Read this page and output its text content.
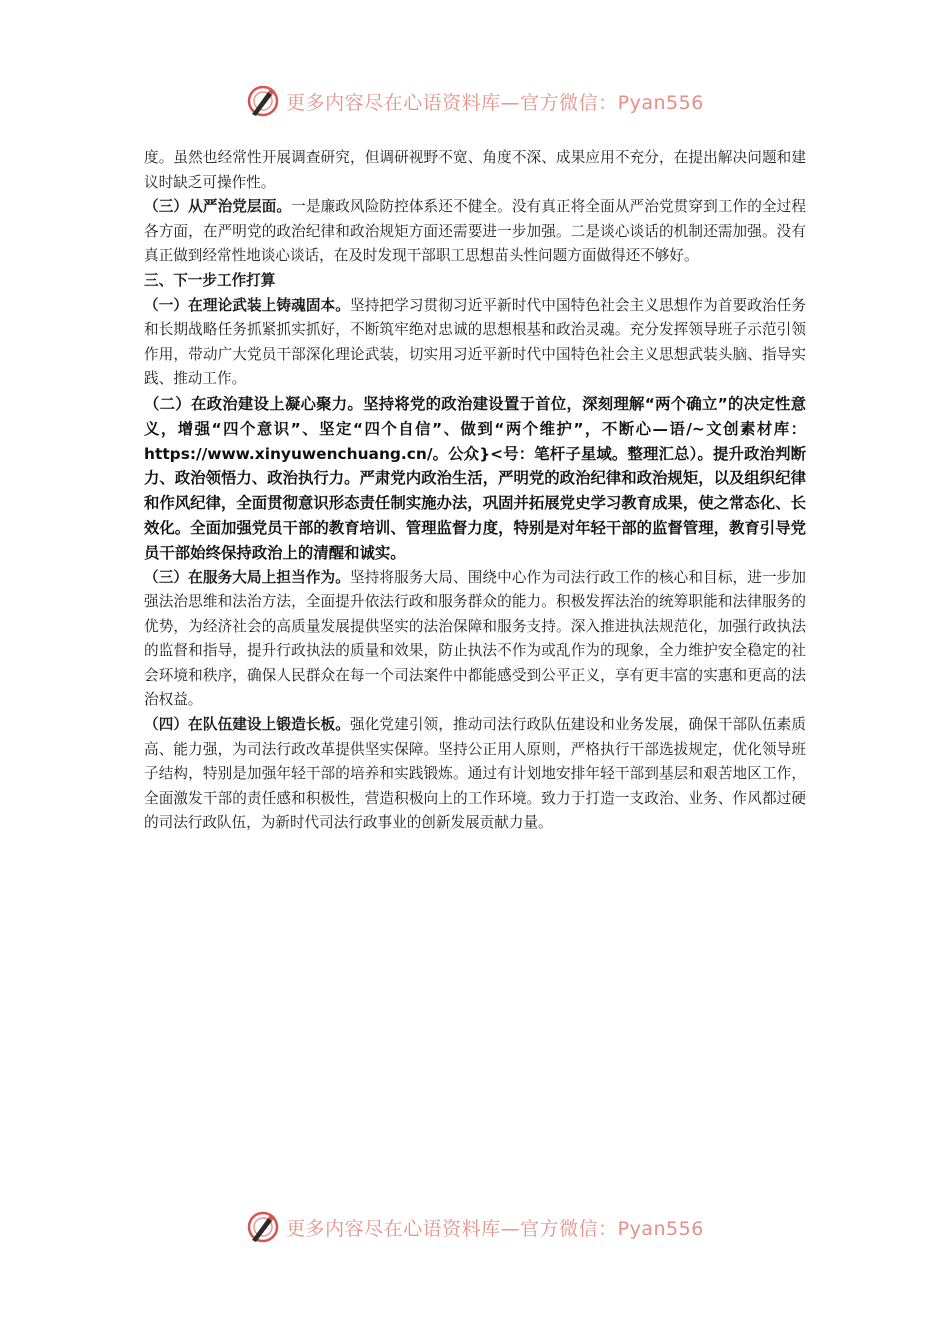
更多内容尽在心语资料库—官方微信：Pyan556

度。虽然也经常性开展调查研究，但调研视野不宽、角度不深、成果应用不充分，在提出解决问题和建议时缺乏可操作性。

（三）从严治党层面。一是廉政风险防控体系还不健全。没有真正将全面从严治党贯穿到工作的全过程各方面，在严明党的政治纪律和政治规矩方面还需要进一步加强。二是谈心谈话的机制还需加强。没有真正做到经常性地谈心谈话，在及时发现干部职工思想苗头性问题方面做得还不够好。

三、下一步工作打算

（一）在理论武装上铸魂固本。坚持把学习贯彻习近平新时代中国特色社会主义思想作为首要政治任务和长期战略任务抓紧抓实抓好，不断筑牢绝对忠诚的思想根基和政治灵魂。充分发挥领导班子示范引领作用，带动广大党员干部深化理论武装，切实用习近平新时代中国特色社会主义思想武装头脑、指导实践、推动工作。

（二）在政治建设上凝心聚力。坚持将党的政治建设置于首位，深刻理解“两个确立”的决定性意义，增强“四个意识”、坚定“四个自信”、做到“两个维护”，不断心—语/~文创素材库：https://www.xinyuwenchuang.cn/。公众}<号：笔杆子星域。整理汇总）。提升政治判断力、政治领悟力、政治执行力。严肃党内政治生活，严明党的政治纪律和政治规矩，以及组织纪律和作风纪律，全面贯彻意识形态责任制实施办法，巩固并拓展党史学习教育成果，使之常态化、长效化。全面加强党员干部的教育培训、管理监督力度，特别是对年轻干部的监督管理，教育引导党员干部始终保持政治上的清醒和诚实。

（三）在服务大局上担当作为。坚持将服务大局、围绕中心作为司法行政工作的核心和目标，进一步加强法治思维和法治方法，全面提升依法行政和服务群众的能力。积极发挥法治的统筹职能和法律服务的优势，为经济社会的高质量发展提供坚实的法治保障和服务支持。深入推进执法规范化，加强行政执法的监督和指导，提升行政执法的质量和效果，防止执法不作为或乱作为的现象，全力维护安全稳定的社会环境和秩序，确保人民群众在每一个司法案件中都能感受到公平正义，享有更丰富的实惠和更高的法治权益。

（四）在队伍建设上锻造长板。强化党建引领，推动司法行政队伍建设和业务发展，确保干部队伍素质高、能力强，为司法行政改革提供坚实保障。坚持公正用人原则，严格执行干部选拔规定，优化领导班子结构，特别是加强年轻干部的培养和实践锻炼。通过有计划地安排年轻干部到基层和艰苦地区工作，全面激发干部的责任感和积极性，营造积极向上的工作环境。致力于打造一支政治、业务、作风都过硬的司法行政队伍，为新时代司法行政事业的创新发展贡献力量。

更多内容尽在心语资料库—官方微信：Pyan556
